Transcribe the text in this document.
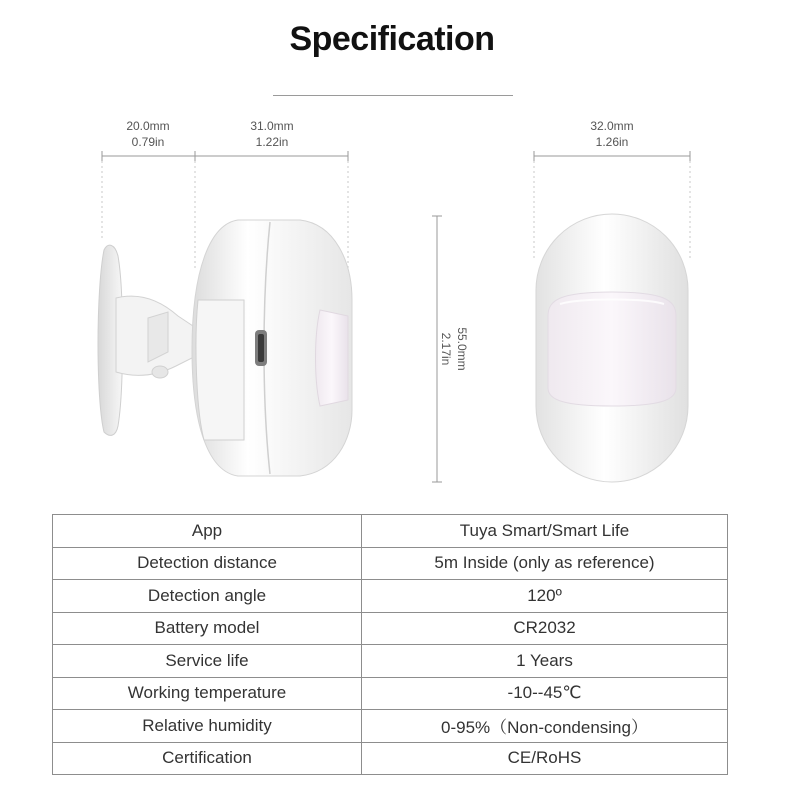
Specification
20.0mm
0.79in
31.0mm
1.22in
32.0mm
1.26in
55.0mm
2.17in
App	Tuya Smart/Smart Life
Detection distance	5m Inside (only as reference)
Detection angle	120º
Battery model	CR2032
Service life	1 Years
Working temperature	-10--45℃
Relative humidity	0-95%（Non-condensing）
Certification	CE/RoHS
